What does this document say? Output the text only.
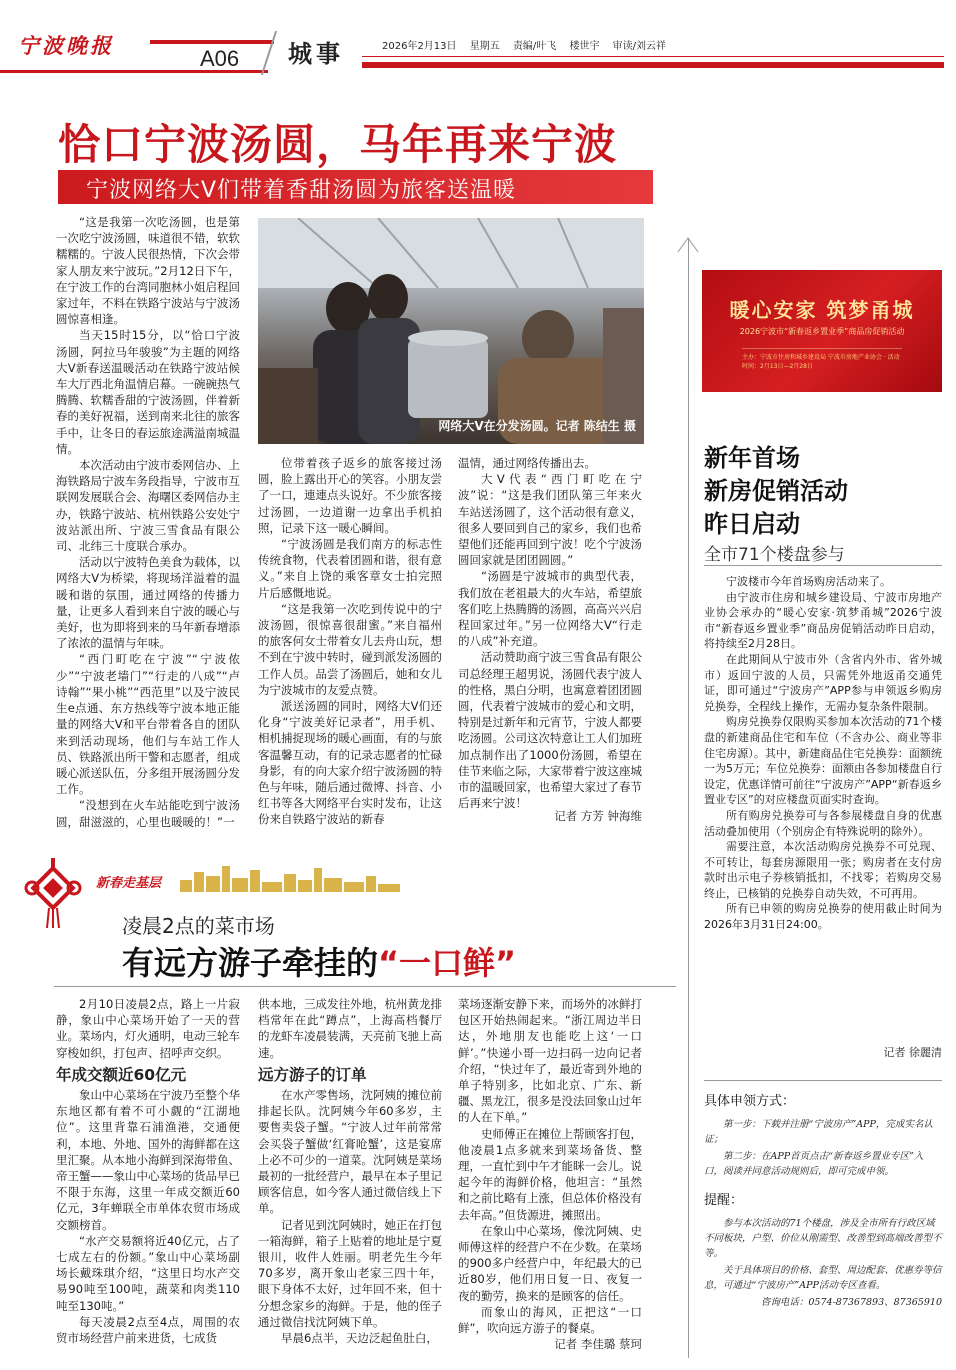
宁波晚报
A06 城事	2026年2月13日 星期五 责编/叶飞 楼世宇 审读/刘云祥
恰口宁波汤圆，马年再来宁波
宁波网络大V们带着香甜汤圆为旅客送温暖

“这是我第一次吃汤圆，也是第一次吃宁波汤圆，味道很不错，软软糯糯的。宁波人民很热情，下次会带家人朋友来宁波玩。”2月12日下午，在宁波工作的台湾同胞林小姐启程回家过年，不料在铁路宁波站与宁波汤圆惊喜相逢。

当天15时15分，以“恰口宁波汤圆，阿拉马年骏骏”为主题的网络大V新春送温暖活动在铁路宁波站候车大厅西北角温情启幕。一碗碗热气腾腾、软糯香甜的宁波汤圆，伴着新春的美好祝福，送到南来北往的旅客手中，让冬日的春运旅途满溢南城温情。

本次活动由宁波市委网信办、上海铁路局宁波车务段指导，宁波市互联网发展联合会、海曙区委网信办主办，铁路宁波站、杭州铁路公安处宁波站派出所、宁波三雪食品有限公司、北纬三十度联合承办。

活动以宁波特色美食为载体，以网络大V为桥梁，将现场洋溢着的温暖和谐的氛围，通过网络的传播力量，让更多人看到来自宁波的暖心与美好，也为即将到来的马年新春增添了浓浓的温情与年味。

“西门町吃在宁波”“宁波侬少”“宁波老墙门”“行走的八成”“卢诗翰”“果小桃”“西范里”以及宁波民生e点通、东方热线等宁波本地正能量的网络大V和平台带着各自的团队来到活动现场，他们与车站工作人员、铁路派出所干警和志愿者，组成暖心派送队伍，分多组开展汤圆分发工作。

“没想到在火车站能吃到宁波汤圆，甜滋滋的，心里也暖暖的！”一

网络大V在分发汤圆。记者 陈结生 摄

位带着孩子返乡的旅客接过汤圆，脸上露出开心的笑容。小朋友尝了一口，連連点头说好。不少旅客接过汤圆，一边道谢一边拿出手机拍照，记录下这一暖心瞬间。

“宁波汤圆是我们南方的标志性传统食物，代表着团圆和谐，很有意义。”来自上饶的乘客章女士拍完照片后感慨地说。

“这是我第一次吃到传说中的宁波汤圆，很惊喜很甜蜜。”来自福州的旅客何女士带着女儿去舟山玩，想不到在宁波中转时，碰到派发汤圆的工作人员。品尝了汤圆后，她和女儿为宁波城市的友爱点赞。

派送汤圆的同时，网络大V们还化身“宁波美好记录者”，用手机、相机捕捉现场的暖心画面，有的与旅客温馨互动，有的记录志愿者的忙碌身影，有的向大家介绍宁波汤圆的特色与年味，随后通过微博、抖音、小红书等各大网络平台实时发布，让这份来自铁路宁波站的新春

温情，通过网络传播出去。

大V代表“西门町吃在宁波”说：“这是我们团队第三年来火车站送汤圆了，这个活动很有意义，很多人要回到自己的家乡，我们也希望他们还能再回到宁波！吃个宁波汤圆回家就是团团圆圆。”

“汤圆是宁波城市的典型代表，我们放在老祖最大的火车站，希望旅客们吃上热腾腾的汤圆，高高兴兴启程回家过年。”另一位网络大V“行走的八成”补充道。

活动赞助商宁波三雪食品有限公司总经理王超男说，汤圆代表宁波人的性格，黑白分明，也寓意着团团圆圆，代表着宁波城市的爱心和文明，特别是过新年和元宵节，宁波人都要吃汤圆。公司这次特意让工人们加班加点制作出了1000份汤圆，希望在佳节来临之际，大家带着宁波这座城市的温暖回家，也希望大家过了春节后再来宁波！

记者 方芳 钟海维
新春走基层
凌晨2点的菜市场
有远方游子牵挂的“一口鲜”

2月10日凌晨2点，路上一片寂静，象山中心菜场开始了一天的营业。菜场内，灯火通明，电动三轮车穿梭如织，打包声、招呼声交织。

年成交额近60亿元

象山中心菜场在宁波乃至整个华东地区都有着不可小觑的“江湖地位”。这里背靠石浦渔港，交通便利，本地、外地、国外的海鲜都在这里汇聚。从本地小海鲜到深海带鱼、帝王蟹——象山中心菜场的货品早已不限于东海，这里一年成交额近60亿元，3年蝉联全市单体农贸市场成交额榜首。

“水产交易额将近40亿元，占了七成左右的份额。”象山中心菜场副场长戴珠琪介绍，“这里日均水产交易90吨至100吨，蔬菜和肉类110吨至130吨。”

每天凌晨2点至4点，周围的农贸市场经营户前来进货，七成货

供本地，三成发往外地，杭州黄龙排档常年在此“蹲点”，上海高档餐厅的龙虾车凌晨装满，天亮前飞驰上高速。

远方游子的订单

在水产零售场，沈阿姨的摊位前排起长队。沈阿姨今年60多岁，主要售卖袋子蟹。“宁波人过年前常常会买袋子蟹做‘红膏呛蟹’，这是宴席上必不可少的一道菜。沈阿姨是菜场最初的一批经营户，最早在本子里记顾客信息，如今客人通过微信线上下单。

记者见到沈阿姨时，她正在打包一箱海鲜，箱子上贴着的地址是宁夏银川，收件人姓丽。明老先生今年70多岁，离开象山老家三四十年，眼下身体不太好，过年回不来，但十分想念家乡的海鲜。于是，他的侄子通过微信找沈阿姨下单。

早晨6点半，天边泛起鱼肚白，

菜场逐渐安静下来，而场外的冰鲜打包区开始热闹起来。“浙江周边半日达，外地朋友也能吃上这‘一口鲜’。”快递小哥一边扫码一边向记者介绍，“快过年了，最近寄到外地的单子特别多，比如北京、广东、新疆、黑龙江，很多是没法回象山过年的人在下单。”

史师傅正在摊位上帮顾客打包，他凌晨1点多就来到菜场备货、整理，一直忙到中午才能眯一会儿。说起今年的海鲜价格，他坦言：“虽然和之前比略有上涨，但总体价格没有去年高。”但货源进，摊照出。

在象山中心菜场，像沈阿姨、史师傅这样的经营户不在少数。在菜场的900多户经营户中，年纪最大的已近80岁，他们用日复一日、夜复一夜的勤劳，换来的是顾客的信任。

而象山的海风，正把这“一口鲜”，吹向远方游子的餐桌。

记者 李佳璐 蔡珂
暖心安家 筑梦甬城
2026宁波市“新春返乡置业季”商品房促销活动
主办：宁波市住房和城乡建设局 宁波市房地产业协会 · 活动时间：2月13日—2月28日
新年首场
新房促销活动
昨日启动
全市71个楼盘参与

宁波楼市今年首场购房活动来了。

由宁波市住房和城乡建设局、宁波市房地产业协会承办的“暖心安家·筑梦甬城”2026宁波市“新春返乡置业季”商品房促销活动昨日启动，将持续至2月28日。

在此期间从宁波市外（含省内外市、省外城市）返回宁波的人员，只需凭外地返甬交通凭证，即可通过“宁波房产”APP参与申领返乡购房兑换券，全程线上操作，无需办复杂条件限制。

购房兑换券仅限购买参加本次活动的71个楼盘的新建商品住宅和车位（不含办公、商业等非住宅房源）。其中，新建商品住宅兑换券：面额统一为5万元；车位兑换券：面额由各参加楼盘自行设定，优惠详情可前往“宁波房产”APP“新春返乡置业专区”的对应楼盘页面实时查询。

所有购房兑换券可与各参展楼盘自身的优惠活动叠加使用（个别房企有特殊说明的除外）。

需要注意，本次活动购房兑换券不可兑现、不可转让，每套房源限用一张；购房者在支付房款时出示电子券核销抵扣，不找零；若购房交易终止，已核销的兑换券自动失效，不可再用。

所有已申领的购房兑换券的使用截止时间为2026年3月31日24:00。

记者 徐麗清
具体申领方式：
第一步：下载并注册“宁波房产”APP，完成实名认证；
第二步：在APP首页点击“新春返乡置业专区”入口，阅读并同意活动规则后，即可完成申领。
提醒：
参与本次活动的71个楼盘，涉及全市所有行政区域不同板块，户型、价位从刚需型、改善型到高端改善型不等。
关于具体项目的价格、套型、周边配套、优惠券等信息，可通过“宁波房产”APP活动专区查看。
咨询电话：0574-87367893、87365910
